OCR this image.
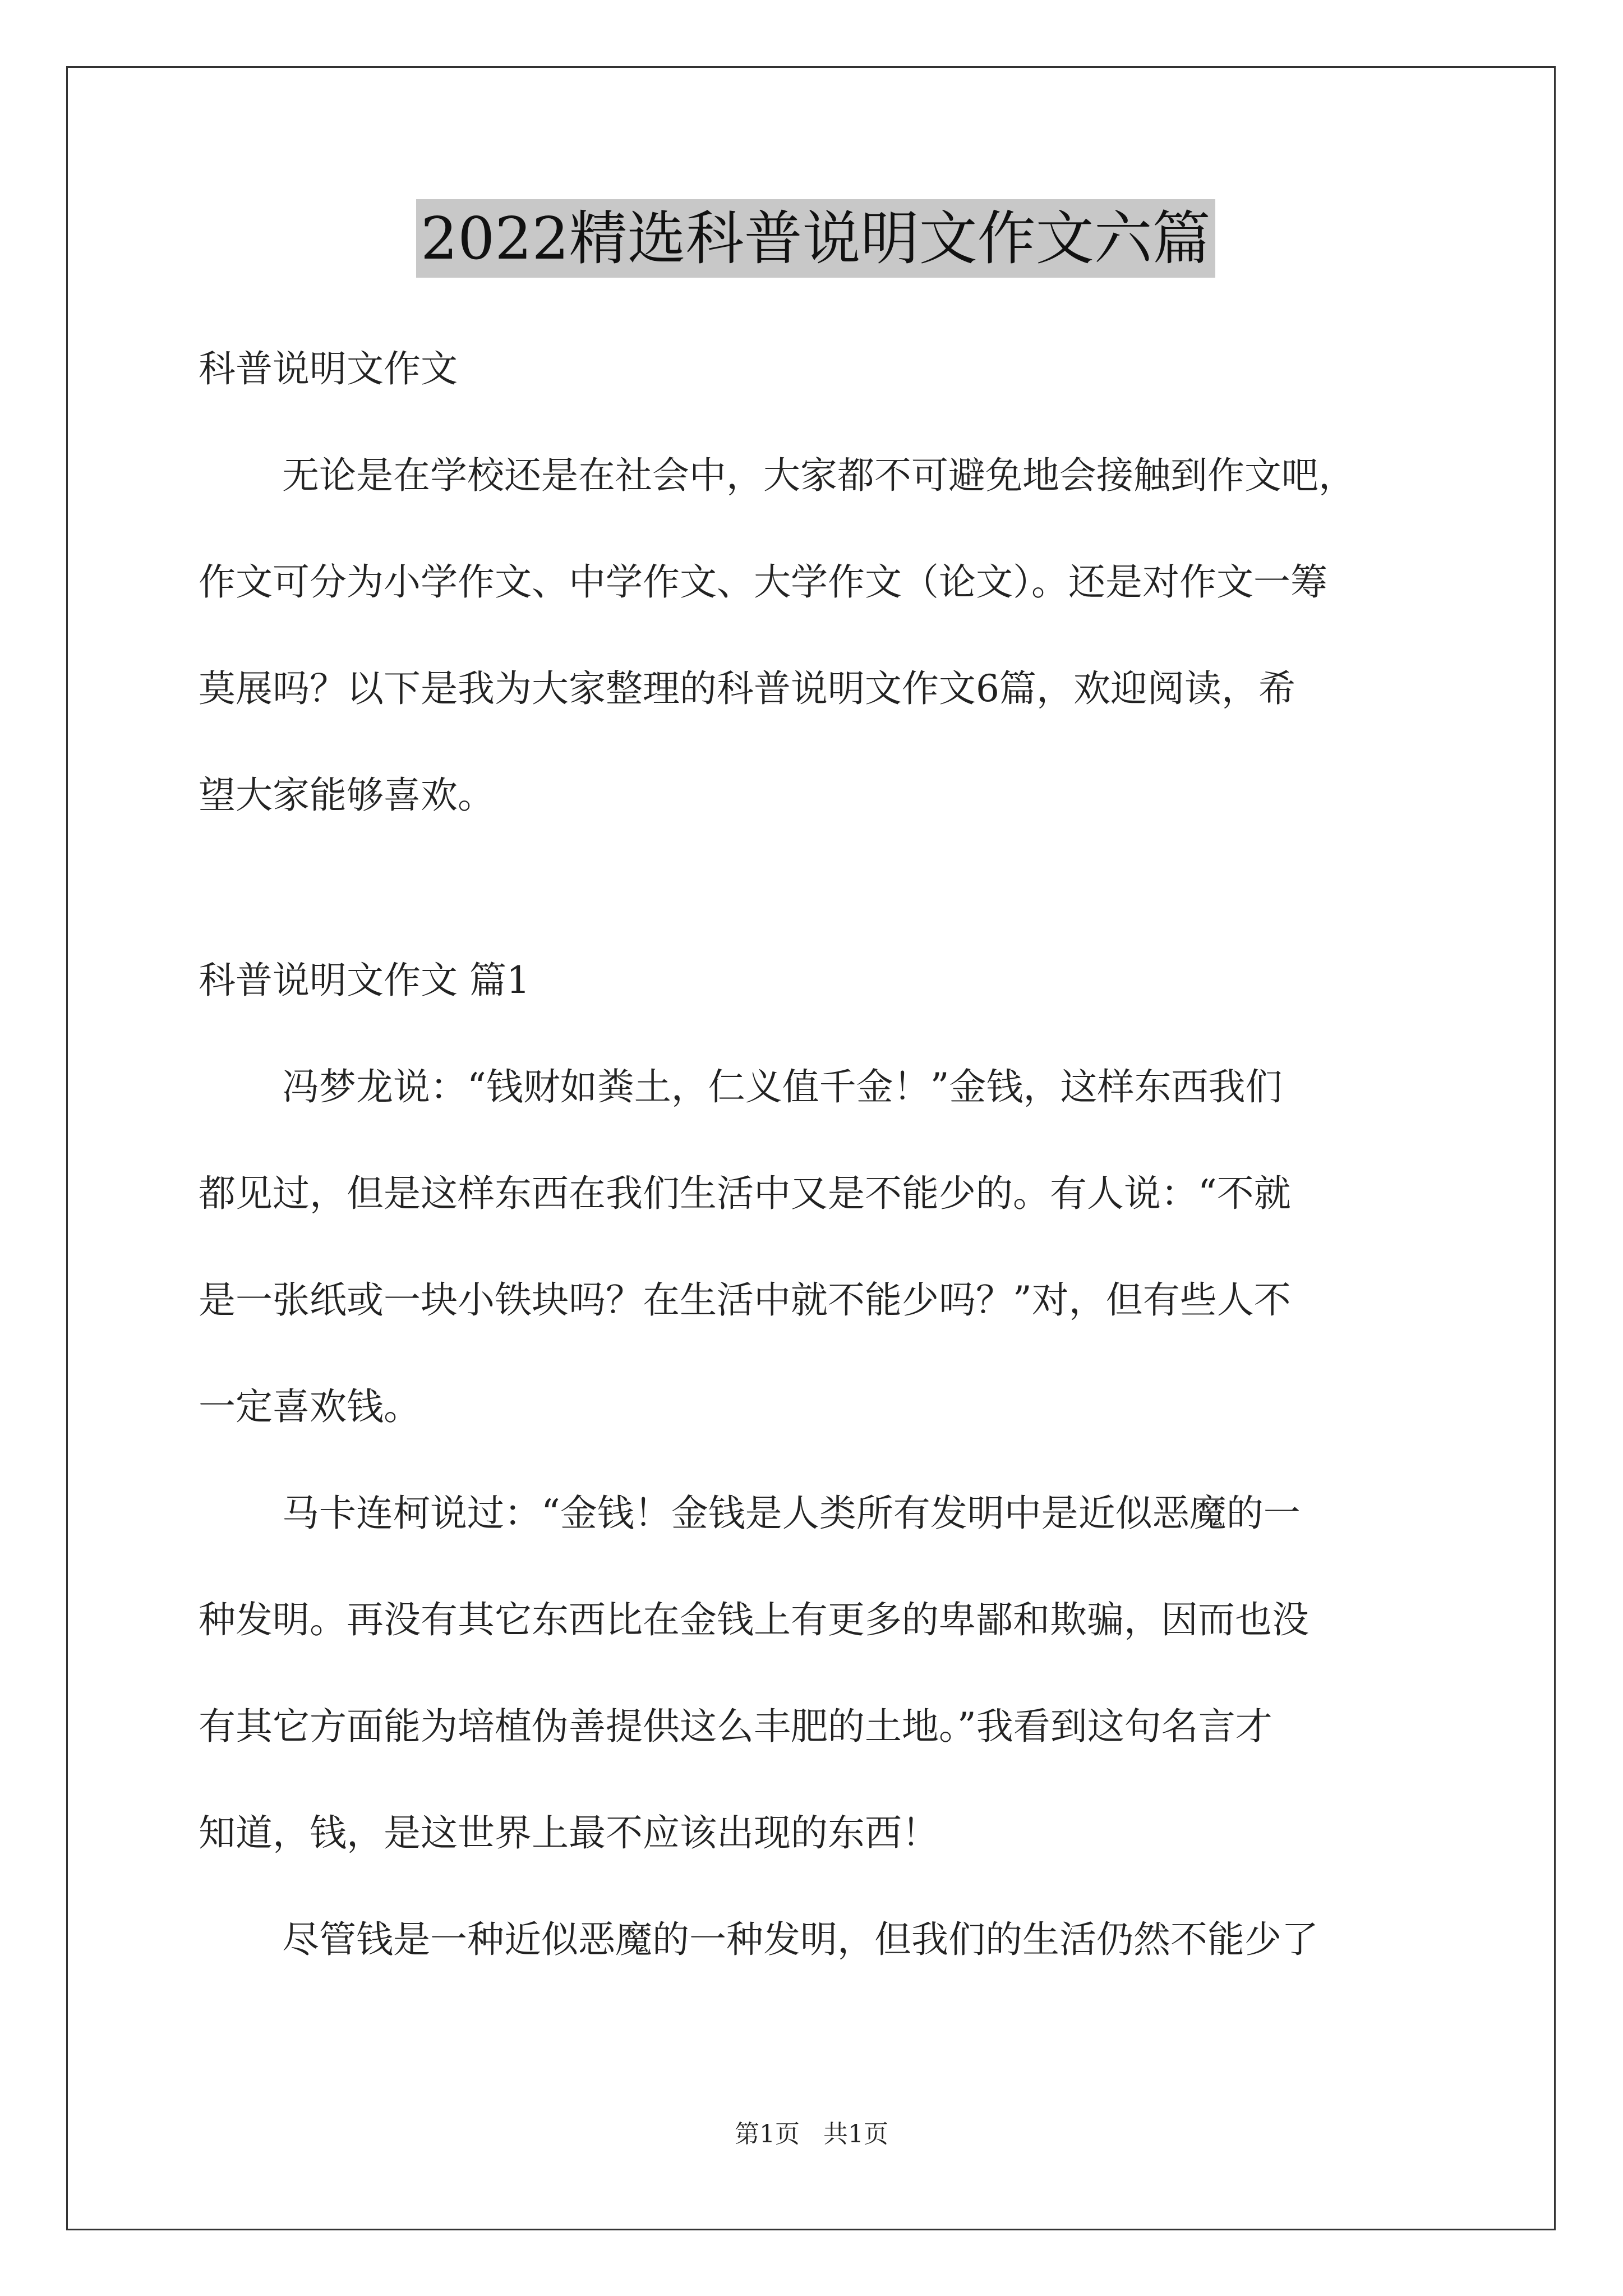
2022精选科普说明文作文六篇
科普说明文作文
无论是在学校还是在社会中，大家都不可避免地会接触到作文吧，
作文可分为小学作文、中学作文、大学作文（论文）。还是对作文一筹
莫展吗？以下是我为大家整理的科普说明文作文6篇，欢迎阅读，希
望大家能够喜欢。
科普说明文作文 篇1
冯梦龙说：“钱财如粪土，仁义值千金！”金钱，这样东西我们
都见过，但是这样东西在我们生活中又是不能少的。有人说：“不就
是一张纸或一块小铁块吗？在生活中就不能少吗？”对，但有些人不
一定喜欢钱。
马卡连柯说过：“金钱！金钱是人类所有发明中是近似恶魔的一
种发明。再没有其它东西比在金钱上有更多的卑鄙和欺骗，因而也没
有其它方面能为培植伪善提供这么丰肥的土地。”我看到这句名言才
知道，钱，是这世界上最不应该出现的东西！
尽管钱是一种近似恶魔的一种发明，但我们的生活仍然不能少了
第1页   共1页
